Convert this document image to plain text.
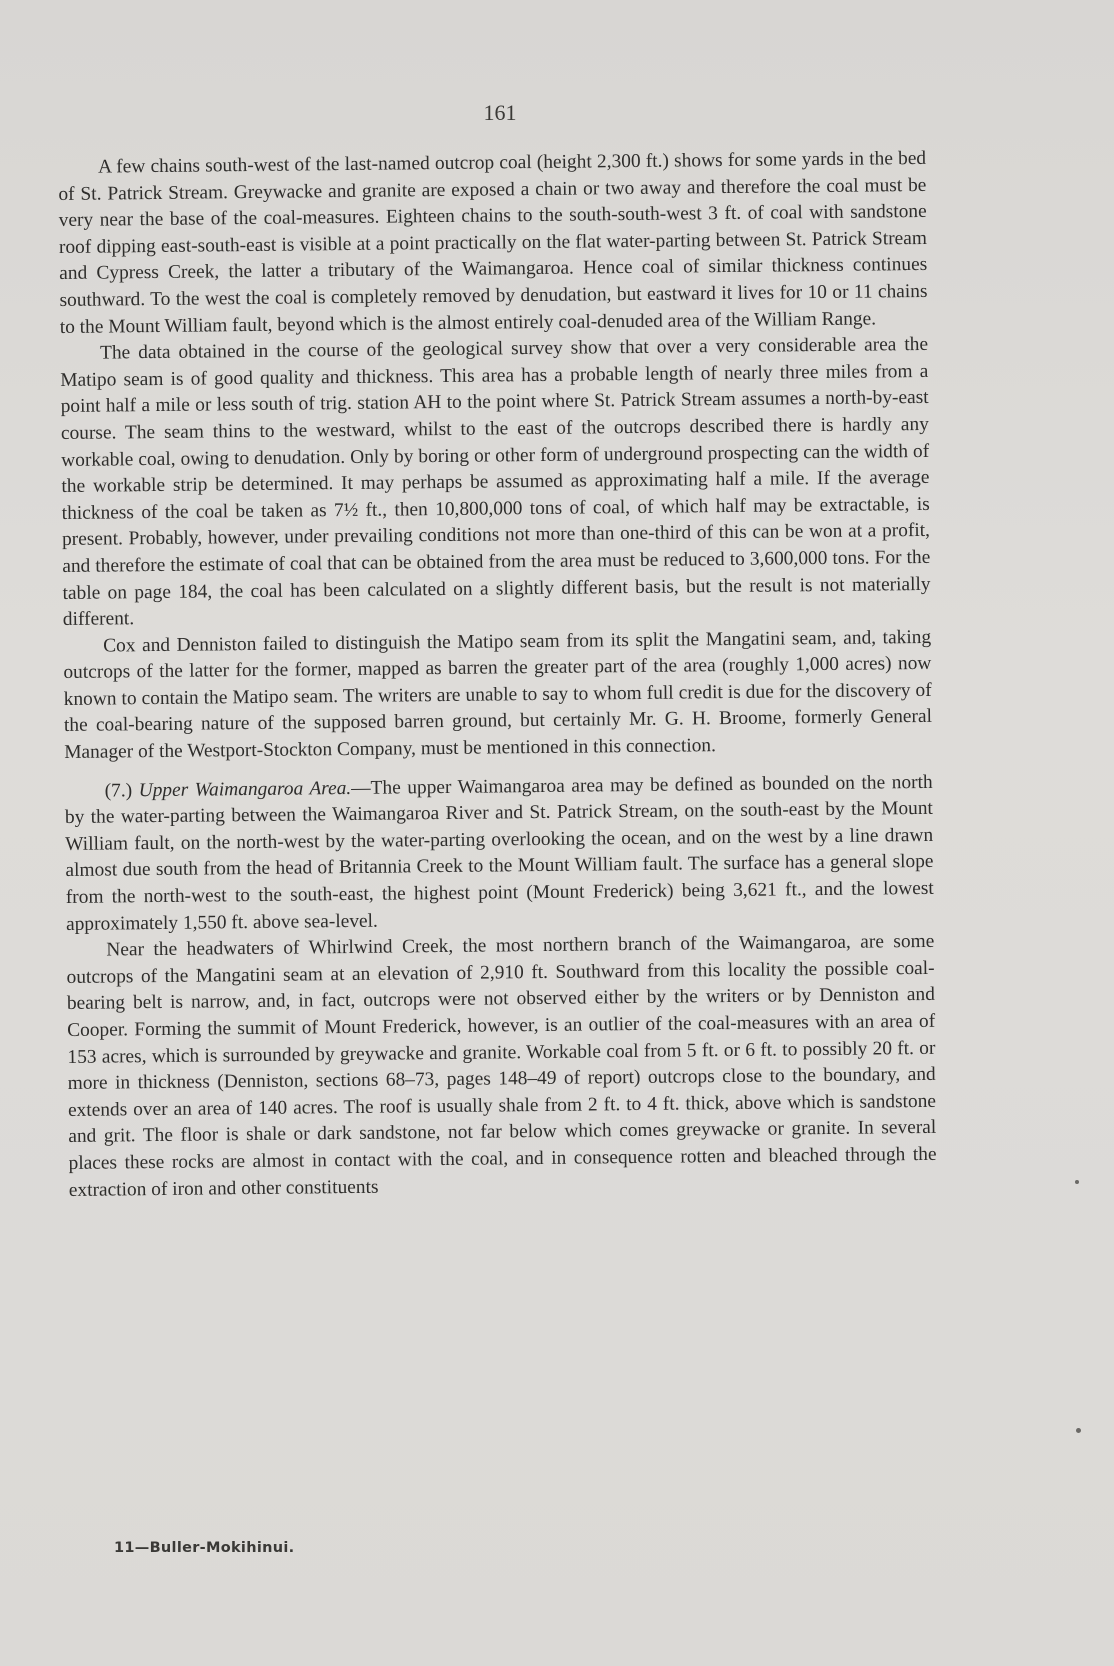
161

A few chains south-west of the last-named outcrop coal (height 2,300 ft.) shows for some yards in the bed of St. Patrick Stream. Greywacke and granite are exposed a chain or two away and therefore the coal must be very near the base of the coal-measures. Eighteen chains to the south-south-west 3 ft. of coal with sandstone roof dipping east-south-east is visible at a point practically on the flat water-parting between St. Patrick Stream and Cypress Creek, the latter a tributary of the Waimangaroa. Hence coal of similar thickness continues southward. To the west the coal is completely removed by denudation, but eastward it lives for 10 or 11 chains to the Mount William fault, beyond which is the almost entirely coal-denuded area of the William Range.

The data obtained in the course of the geological survey show that over a very considerable area the Matipo seam is of good quality and thickness. This area has a probable length of nearly three miles from a point half a mile or less south of trig. station AH to the point where St. Patrick Stream assumes a north-by-east course. The seam thins to the westward, whilst to the east of the outcrops described there is hardly any workable coal, owing to denudation. Only by boring or other form of underground prospecting can the width of the workable strip be determined. It may perhaps be assumed as approximating half a mile. If the average thickness of the coal be taken as 7½ ft., then 10,800,000 tons of coal, of which half may be extractable, is present. Probably, however, under prevailing conditions not more than one-third of this can be won at a profit, and therefore the estimate of coal that can be obtained from the area must be reduced to 3,600,000 tons. For the table on page 184, the coal has been calculated on a slightly different basis, but the result is not materially different.

Cox and Denniston failed to distinguish the Matipo seam from its split the Mangatini seam, and, taking outcrops of the latter for the former, mapped as barren the greater part of the area (roughly 1,000 acres) now known to contain the Matipo seam. The writers are unable to say to whom full credit is due for the discovery of the coal-bearing nature of the supposed barren ground, but certainly Mr. G. H. Broome, formerly General Manager of the Westport-Stockton Company, must be mentioned in this connection.

(7.) Upper Waimangaroa Area.—The upper Waimangaroa area may be defined as bounded on the north by the water-parting between the Waimangaroa River and St. Patrick Stream, on the south-east by the Mount William fault, on the north-west by the water-parting overlooking the ocean, and on the west by a line drawn almost due south from the head of Britannia Creek to the Mount William fault. The surface has a general slope from the north-west to the south-east, the highest point (Mount Frederick) being 3,621 ft., and the lowest approximately 1,550 ft. above sea-level.

Near the headwaters of Whirlwind Creek, the most northern branch of the Waimangaroa, are some outcrops of the Mangatini seam at an elevation of 2,910 ft. Southward from this locality the possible coal-bearing belt is narrow, and, in fact, outcrops were not observed either by the writers or by Denniston and Cooper. Forming the summit of Mount Frederick, however, is an outlier of the coal-measures with an area of 153 acres, which is surrounded by greywacke and granite. Workable coal from 5 ft. or 6 ft. to possibly 20 ft. or more in thickness (Denniston, sections 68–73, pages 148–49 of report) outcrops close to the boundary, and extends over an area of 140 acres. The roof is usually shale from 2 ft. to 4 ft. thick, above which is sandstone and grit. The floor is shale or dark sandstone, not far below which comes greywacke or granite. In several places these rocks are almost in contact with the coal, and in consequence rotten and bleached through the extraction of iron and other constituents

11—Buller-Mokihinui.
